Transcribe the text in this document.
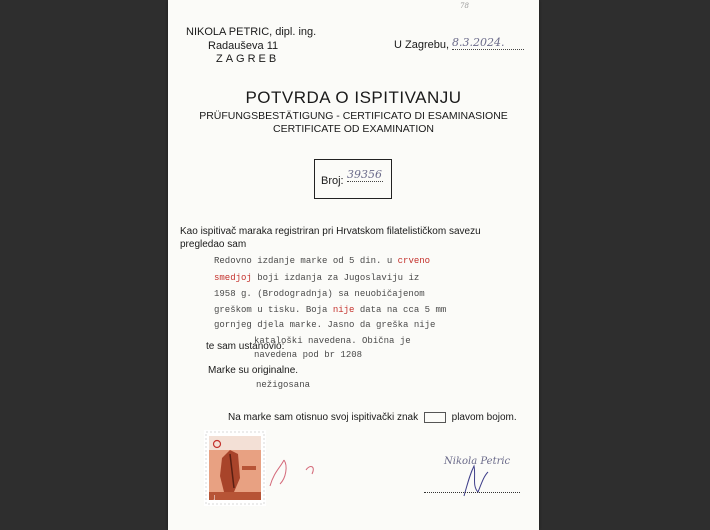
NIKOLA PETRIC, dipl. ing.
Radauševa 11
ZAGREB
78
U Zagrebu, 8.3.2024.
POTVRDA O ISPITIVANJU
PRÜFUNGSBESTÄTIGUNG - CERTIFICATO DI ESAMINASIONE
CERTIFICATE OD EXAMINATION
Broj: 39356
Kao ispitivač maraka registriran pri Hrvatskom filatelističkom savezu
pregledao sam
Redovno izdanje marke od 5 din. u crveno
smedjoj boji izdanja za Jugoslaviju iz
1958 g. (Brodogradnja) sa neuobičajenom
greškom u tisku. Boja nije data na cca 5 mm
gornjeg djela marke. Jasno da greška nije
katalоški navedena. Obična je
navedena pod br 1208
te sam ustanovio:
Marke su originalne.
nežigosana
Na marke sam otisnuo svoj ispitivački znak	plavom bojom.
J
Nikola Petric
